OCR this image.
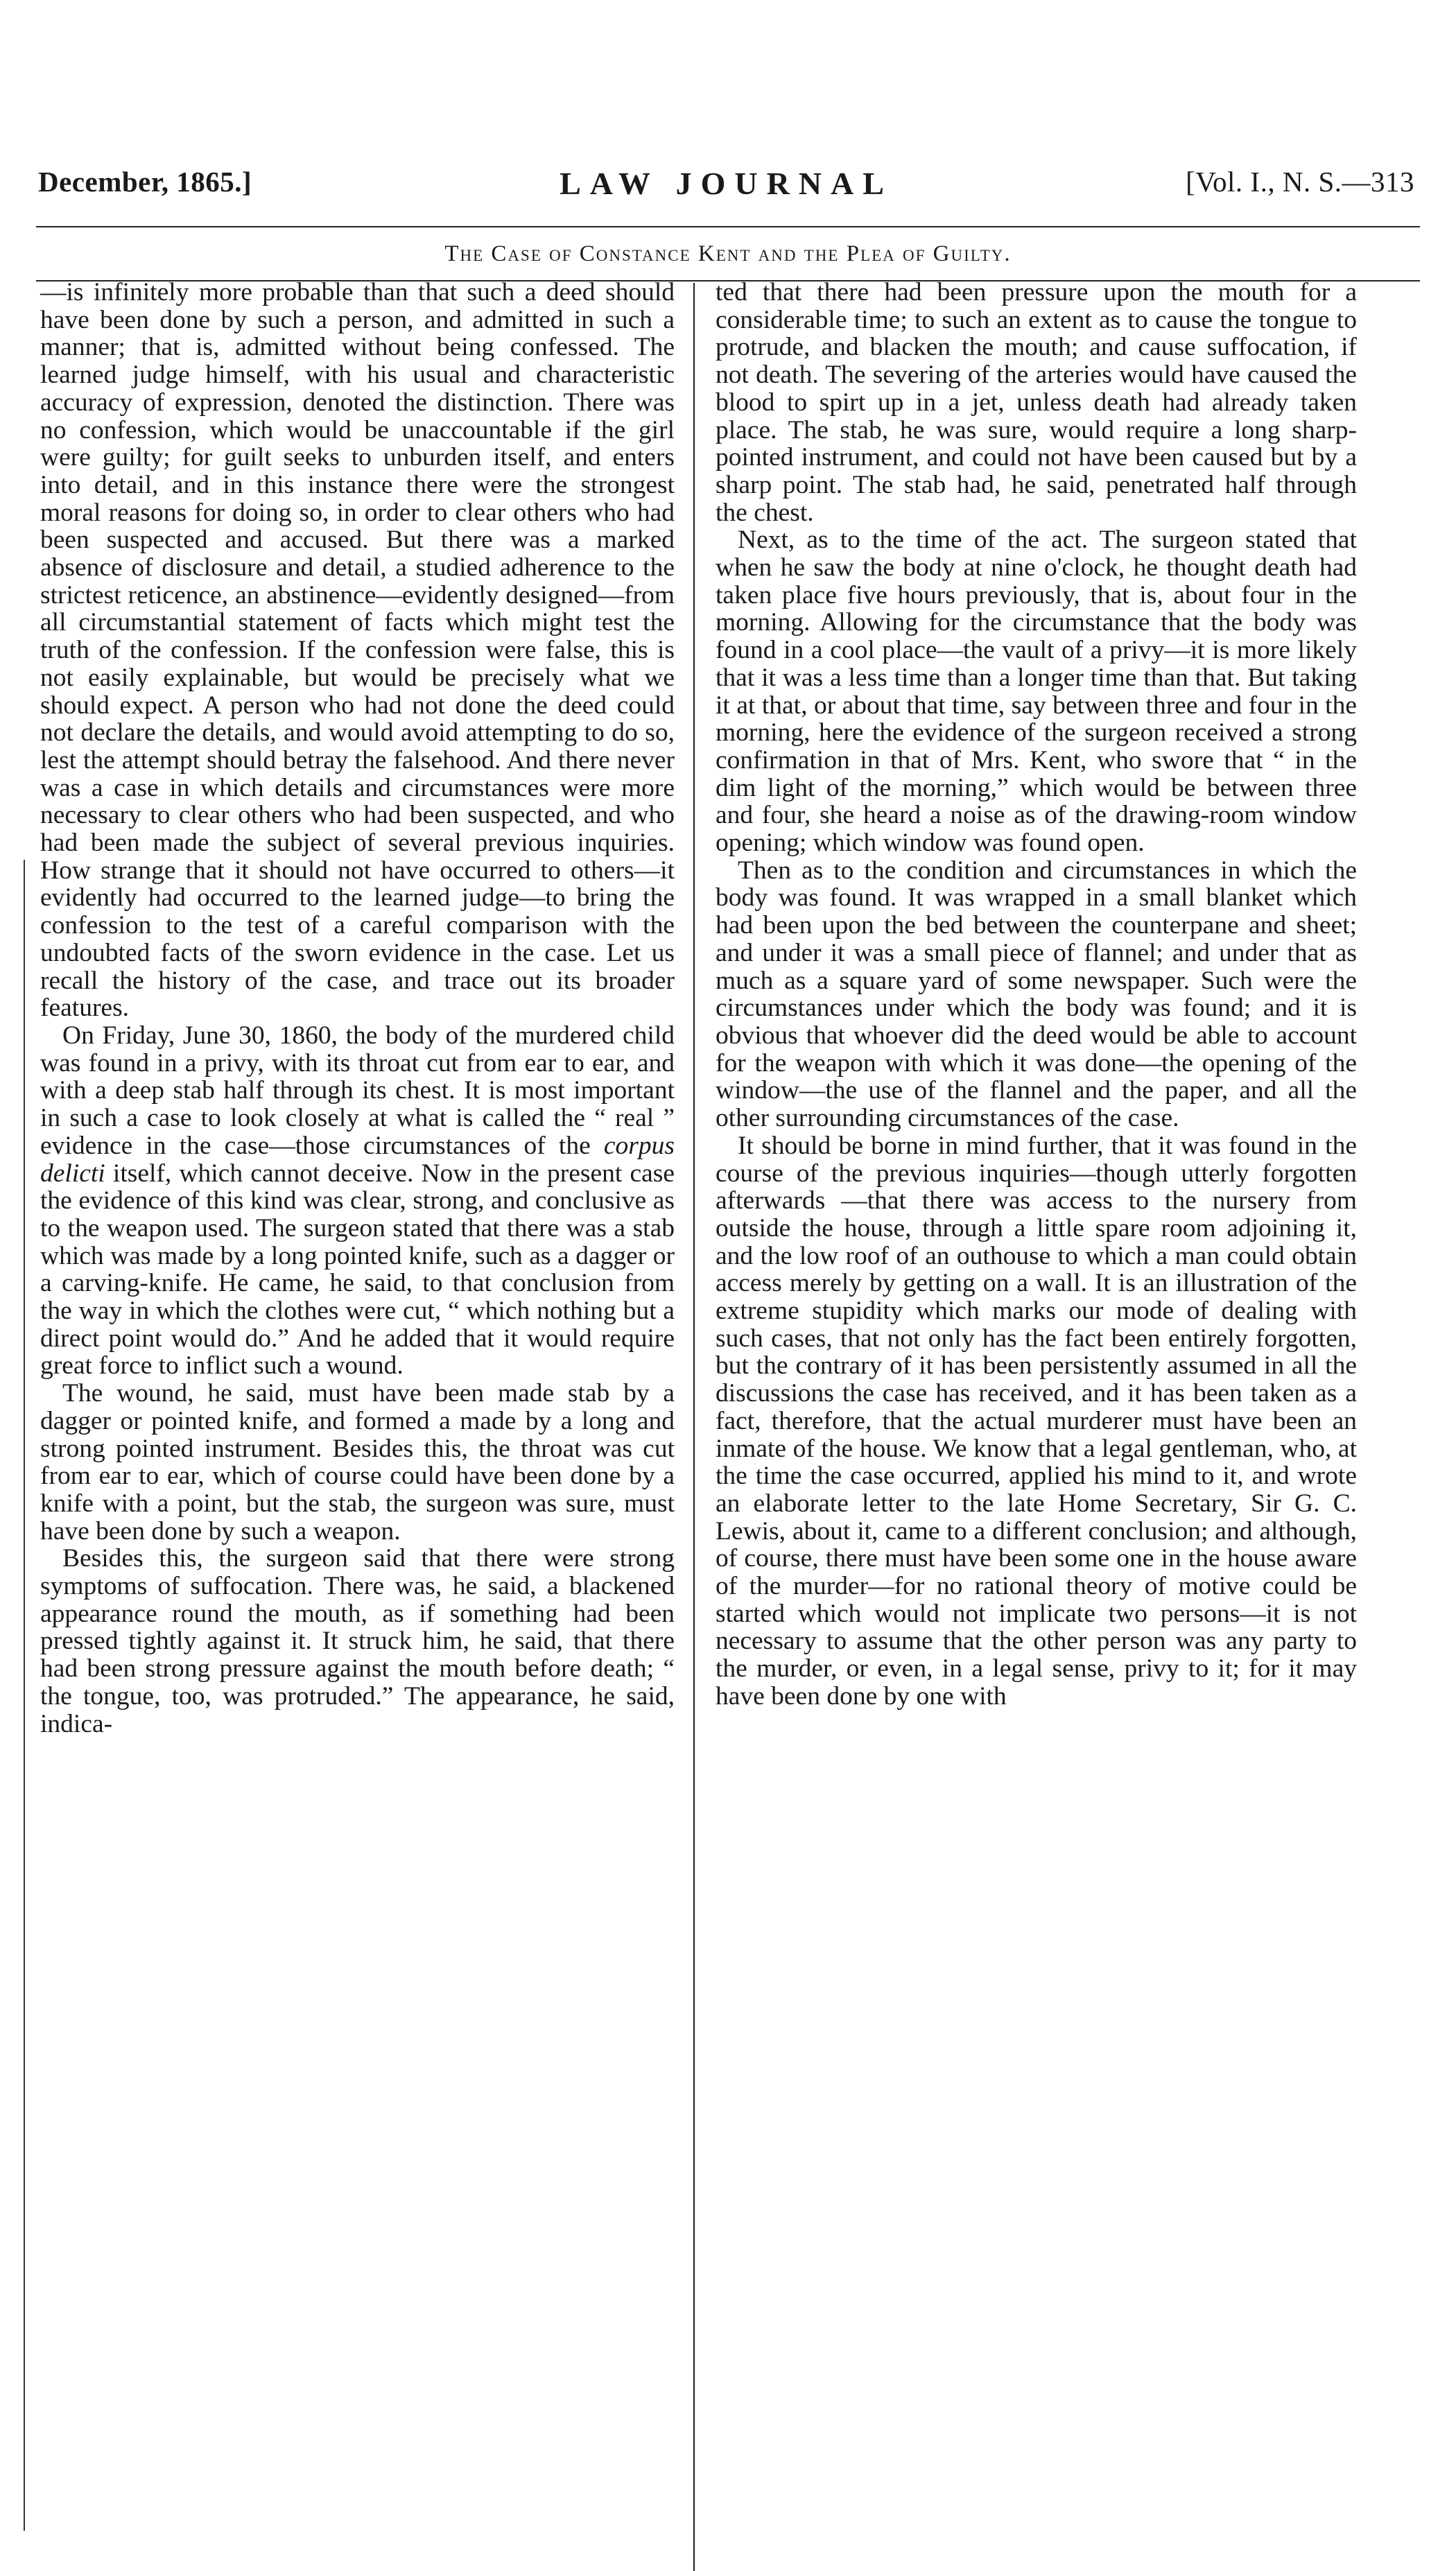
December, 1865.]	LAW JOURNAL	[Vol. I., N. S.—313
The Case of Constance Kent and the Plea of Guilty.

—is infinitely more probable than that such a deed should have been done by such a person, and admitted in such a manner; that is, admitted without being confessed. The learned judge himself, with his usual and characteristic accuracy of expression, denoted the distinction. There was no confession, which would be unaccountable if the girl were guilty; for guilt seeks to unburden itself, and enters into detail, and in this instance there were the strongest moral reasons for doing so, in order to clear others who had been suspected and accused. But there was a marked absence of disclosure and detail, a studied adherence to the strictest reticence, an abstinence—evidently designed—from all circumstantial statement of facts which might test the truth of the confession. If the confession were false, this is not easily explainable, but would be precisely what we should expect. A person who had not done the deed could not declare the details, and would avoid attempting to do so, lest the attempt should betray the falsehood. And there never was a case in which details and circumstances were more necessary to clear others who had been suspected, and who had been made the subject of several previous inquiries. How strange that it should not have occurred to others—it evidently had occurred to the learned judge—to bring the confession to the test of a careful comparison with the undoubted facts of the sworn evidence in the case. Let us recall the history of the case, and trace out its broader features.

On Friday, June 30, 1860, the body of the murdered child was found in a privy, with its throat cut from ear to ear, and with a deep stab half through its chest. It is most important in such a case to look closely at what is called the “ real ” evidence in the case—those circumstances of the corpus delicti itself, which cannot deceive. Now in the present case the evidence of this kind was clear, strong, and conclusive as to the weapon used. The surgeon stated that there was a stab which was made by a long pointed knife, such as a dagger or a carving-knife. He came, he said, to that conclusion from the way in which the clothes were cut, “ which nothing but a direct point would do.” And he added that it would require great force to inflict such a wound.

The wound, he said, must have been made stab by a dagger or pointed knife, and formed a made by a long and strong pointed instrument. Besides this, the throat was cut from ear to ear, which of course could have been done by a knife with a point, but the stab, the surgeon was sure, must have been done by such a weapon.

Besides this, the surgeon said that there were strong symptoms of suffocation. There was, he said, a blackened appearance round the mouth, as if something had been pressed tightly against it. It struck him, he said, that there had been strong pressure against the mouth before death; “ the tongue, too, was protruded.” The appearance, he said, indica-

ted that there had been pressure upon the mouth for a considerable time; to such an extent as to cause the tongue to protrude, and blacken the mouth; and cause suffocation, if not death. The severing of the arteries would have caused the blood to spirt up in a jet, unless death had already taken place. The stab, he was sure, would require a long sharp-pointed instrument, and could not have been caused but by a sharp point. The stab had, he said, penetrated half through the chest.

Next, as to the time of the act. The surgeon stated that when he saw the body at nine o'clock, he thought death had taken place five hours previously, that is, about four in the morning. Allowing for the circumstance that the body was found in a cool place—the vault of a privy—it is more likely that it was a less time than a longer time than that. But taking it at that, or about that time, say between three and four in the morning, here the evidence of the surgeon received a strong confirmation in that of Mrs. Kent, who swore that “ in the dim light of the morning,” which would be between three and four, she heard a noise as of the drawing-room window opening; which window was found open.

Then as to the condition and circumstances in which the body was found. It was wrapped in a small blanket which had been upon the bed between the counterpane and sheet; and under it was a small piece of flannel; and under that as much as a square yard of some newspaper. Such were the circumstances under which the body was found; and it is obvious that whoever did the deed would be able to account for the weapon with which it was done—the opening of the window—the use of the flannel and the paper, and all the other surrounding circumstances of the case.

It should be borne in mind further, that it was found in the course of the previous inquiries—though utterly forgotten afterwards —that there was access to the nursery from outside the house, through a little spare room adjoining it, and the low roof of an outhouse to which a man could obtain access merely by getting on a wall. It is an illustration of the extreme stupidity which marks our mode of dealing with such cases, that not only has the fact been entirely forgotten, but the contrary of it has been persistently assumed in all the discussions the case has received, and it has been taken as a fact, therefore, that the actual murderer must have been an inmate of the house. We know that a legal gentleman, who, at the time the case occurred, applied his mind to it, and wrote an elaborate letter to the late Home Secretary, Sir G. C. Lewis, about it, came to a different conclusion; and although, of course, there must have been some one in the house aware of the murder—for no rational theory of motive could be started which would not implicate two persons—it is not necessary to assume that the other person was any party to the murder, or even, in a legal sense, privy to it; for it may have been done by one with
